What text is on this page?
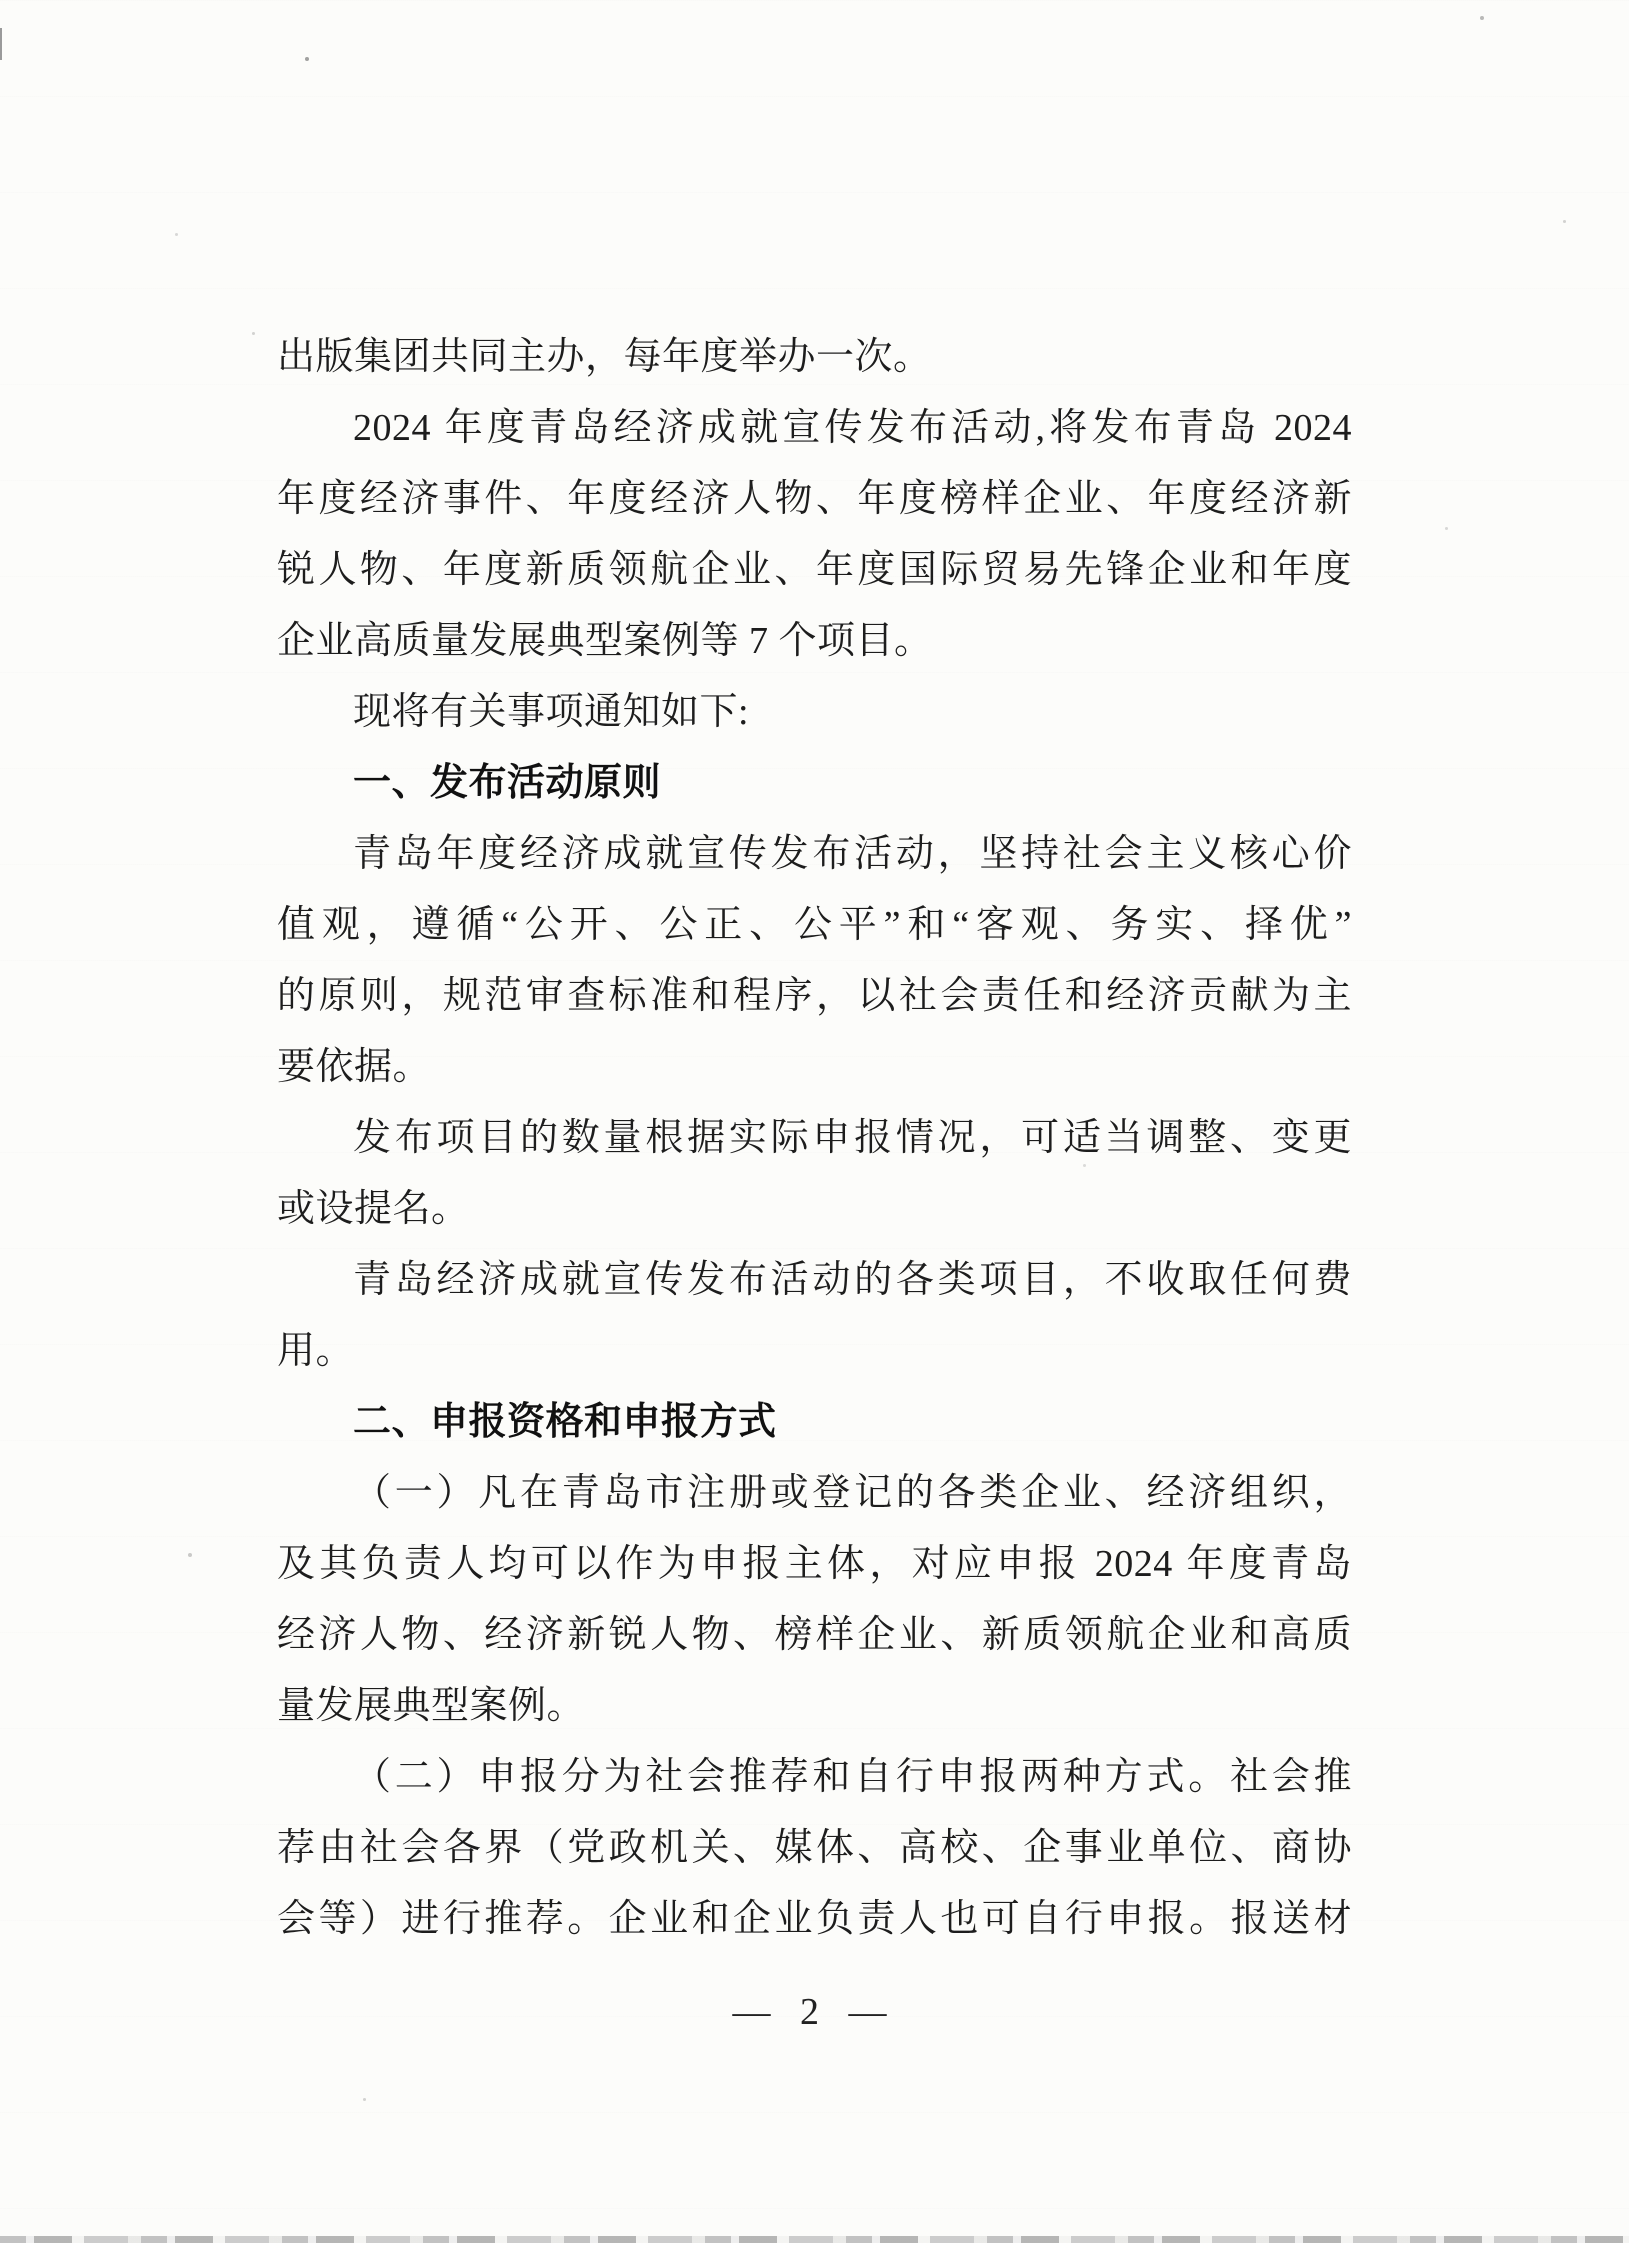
出版集团共同主办，每年度举办一次。
2024 年度青岛经济成就宣传发布活动,将发布青岛 2024
年度经济事件、年度经济人物、年度榜样企业、年度经济新
锐人物、年度新质领航企业、年度国际贸易先锋企业和年度
企业高质量发展典型案例等 7 个项目。
现将有关事项通知如下:
一、发布活动原则
青岛年度经济成就宣传发布活动，坚持社会主义核心价
值观，遵循“公开、公正、公平”和“客观、务实、择优”
的原则，规范审查标准和程序，以社会责任和经济贡献为主
要依据。
发布项目的数量根据实际申报情况，可适当调整、变更
或设提名。
青岛经济成就宣传发布活动的各类项目，不收取任何费
用。
二、申报资格和申报方式
（一）凡在青岛市注册或登记的各类企业、经济组织，
及其负责人均可以作为申报主体，对应申报 2024 年度青岛
经济人物、经济新锐人物、榜样企业、新质领航企业和高质
量发展典型案例。
（二）申报分为社会推荐和自行申报两种方式。社会推
荐由社会各界（党政机关、媒体、高校、企事业单位、商协
会等）进行推荐。企业和企业负责人也可自行申报。报送材
— 2 —
